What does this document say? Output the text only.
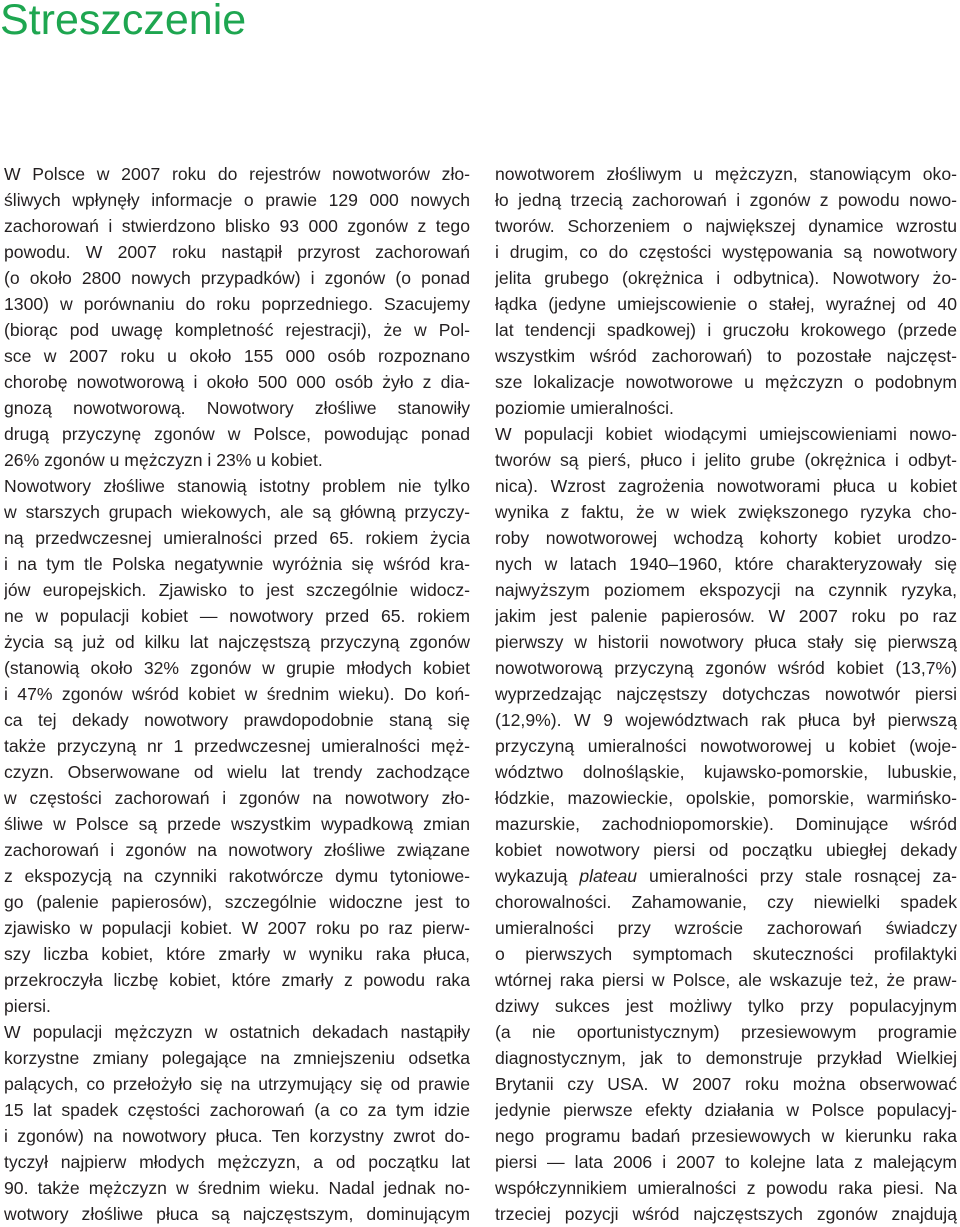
Streszczenie
W Polsce w 2007 roku do rejestrów nowotworów zło-
śliwych wpłynęły informacje o prawie 129 000 nowych
zachorowań i stwierdzono blisko 93 000 zgonów z tego
powodu. W 2007 roku nastąpił przyrost zachorowań
(o około 2800 nowych przypadków) i zgonów (o ponad
1300) w porównaniu do roku poprzedniego. Szacujemy
(biorąc pod uwagę kompletność rejestracji), że w Pol-
sce w 2007 roku u około 155 000 osób rozpoznano
chorobę nowotworową i około 500 000 osób żyło z dia-
gnozą nowotworową. Nowotwory złośliwe stanowiły
drugą przyczynę zgonów w Polsce, powodując ponad
26% zgonów u mężczyzn i 23% u kobiet.
Nowotwory złośliwe stanowią istotny problem nie tylko
w starszych grupach wiekowych, ale są główną przyczy-
ną przedwczesnej umieralności przed 65. rokiem życia
i na tym tle Polska negatywnie wyróżnia się wśród kra-
jów europejskich. Zjawisko to jest szczególnie widocz-
ne w populacji kobiet — nowotwory przed 65. rokiem
życia są już od kilku lat najczęstszą przyczyną zgonów
(stanowią około 32% zgonów w grupie młodych kobiet
i 47% zgonów wśród kobiet w średnim wieku). Do koń-
ca tej dekady nowotwory prawdopodobnie staną się
także przyczyną nr 1 przedwczesnej umieralności męż-
czyzn. Obserwowane od wielu lat trendy zachodzące
w częstości zachorowań i zgonów na nowotwory zło-
śliwe w Polsce są przede wszystkim wypadkową zmian
zachorowań i zgonów na nowotwory złośliwe związane
z ekspozycją na czynniki rakotwórcze dymu tytoniowe-
go (palenie papierosów), szczególnie widoczne jest to
zjawisko w populacji kobiet. W 2007 roku po raz pierw-
szy liczba kobiet, które zmarły w wyniku raka płuca,
przekroczyła liczbę kobiet, które zmarły z powodu raka
piersi.
W populacji mężczyzn w ostatnich dekadach nastąpiły
korzystne zmiany polegające na zmniejszeniu odsetka
palących, co przełożyło się na utrzymujący się od prawie
15 lat spadek częstości zachorowań (a co za tym idzie
i zgonów) na nowotwory płuca. Ten korzystny zwrot do-
tyczył najpierw młodych mężczyzn, a od początku lat
90. także mężczyzn w średnim wieku. Nadal jednak no-
wotwory złośliwe płuca są najczęstszym, dominującym
nowotworem złośliwym u mężczyzn, stanowiącym oko-
ło jedną trzecią zachorowań i zgonów z powodu nowo-
tworów. Schorzeniem o największej dynamice wzrostu
i drugim, co do częstości występowania są nowotwory
jelita grubego (okrężnica i odbytnica). Nowotwory żo-
łądka (jedyne umiejscowienie o stałej, wyraźnej od 40
lat tendencji spadkowej) i gruczołu krokowego (przede
wszystkim wśród zachorowań) to pozostałe najczęst-
sze lokalizacje nowotworowe u mężczyzn o podobnym
poziomie umieralności.
W populacji kobiet wiodącymi umiejscowieniami nowo-
tworów są pierś, płuco i jelito grube (okrężnica i odbyt-
nica). Wzrost zagrożenia nowotworami płuca u kobiet
wynika z faktu, że w wiek zwiększonego ryzyka cho-
roby nowotworowej wchodzą kohorty kobiet urodzo-
nych w latach 1940–1960, które charakteryzowały się
najwyższym poziomem ekspozycji na czynnik ryzyka,
jakim jest palenie papierosów. W 2007 roku po raz
pierwszy w historii nowotwory płuca stały się pierwszą
nowotworową przyczyną zgonów wśród kobiet (13,7%)
wyprzedzając najczęstszy dotychczas nowotwór piersi
(12,9%). W 9 województwach rak płuca był pierwszą
przyczyną umieralności nowotworowej u kobiet (woje-
wództwo dolnośląskie, kujawsko-pomorskie, lubuskie,
łódzkie, mazowieckie, opolskie, pomorskie, warmińsko-
mazurskie, zachodniopomorskie). Dominujące wśród
kobiet nowotwory piersi od początku ubiegłej dekady
wykazują plateau umieralności przy stale rosnącej za-
chorowalności. Zahamowanie, czy niewielki spadek
umieralności przy wzroście zachorowań świadczy
o pierwszych symptomach skuteczności profilaktyki
wtórnej raka piersi w Polsce, ale wskazuje też, że praw-
dziwy sukces jest możliwy tylko przy populacyjnym
(a nie oportunistycznym) przesiewowym programie
diagnostycznym, jak to demonstruje przykład Wielkiej
Brytanii czy USA. W 2007 roku można obserwować
jedynie pierwsze efekty działania w Polsce populacyj-
nego programu badań przesiewowych w kierunku raka
piersi — lata 2006 i 2007 to kolejne lata z malejącym
współczynnikiem umieralności z powodu raka piesi. Na
trzeciej pozycji wśród najczęstszych zgonów znajdują
